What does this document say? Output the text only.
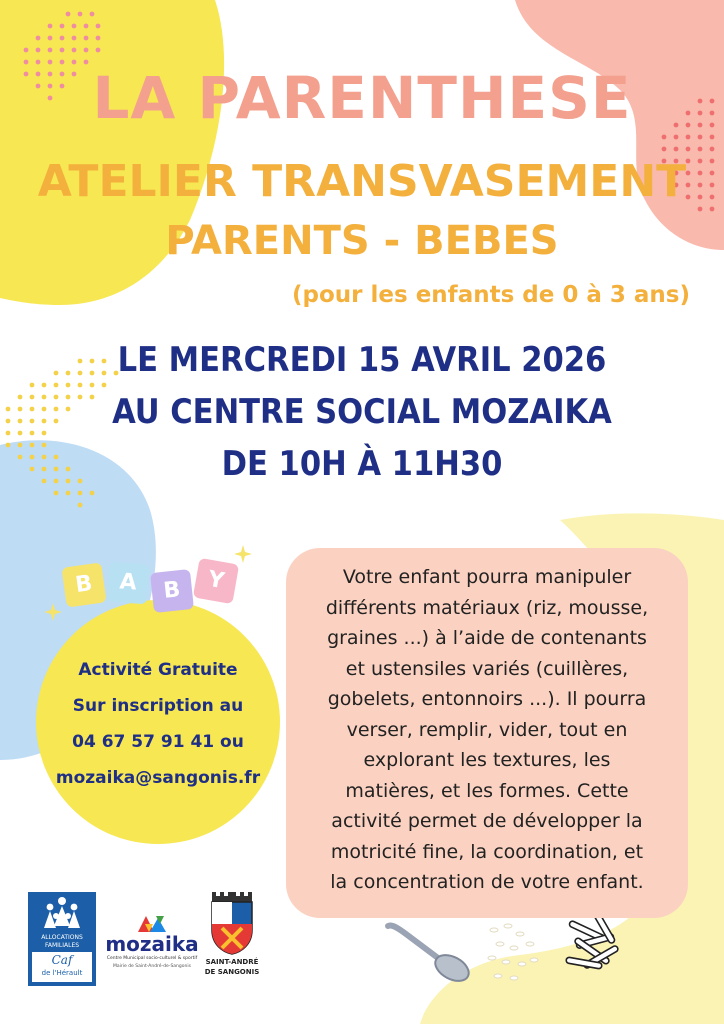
LA PARENTHESE
ATELIER TRANSVASEMENT
PARENTS - BEBES
(pour les enfants de 0 à 3 ans)
LE MERCREDI 15 AVRIL 2026
AU CENTRE SOCIAL MOZAIKA
DE 10H À 11H30
B	A	B	Y
Activité Gratuite
Sur inscription au
04 67 57 91 41 ou
mozaika@sangonis.fr
Votre enfant pourra manipuler
différents matériaux (riz, mousse,
graines ...) à l’aide de contenants
et ustensiles variés (cuillères,
gobelets, entonnoirs ...). Il pourra
verser, remplir, vider, tout en
explorant les textures, les
matières, et les formes. Cette
activité permet de développer la
motricité fine, la coordination, et
la concentration de votre enfant.
ALLOCATIONS
FAMILIALES
Caf
de l'Hérault
mozaika
Centre Municipal socio-culturel & sportif
Mairie de Saint-André-de-Sangonis
SAINT-ANDRÉ
DE SANGONIS
